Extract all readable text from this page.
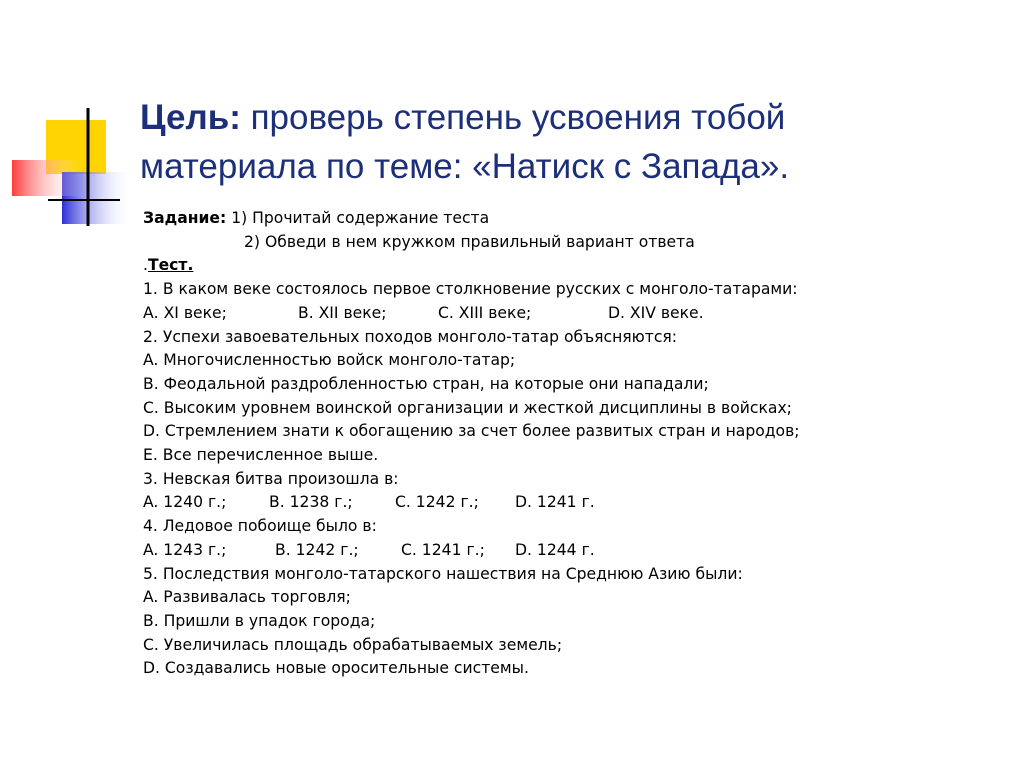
Цель: проверь степень усвоения тобой
материала по теме: «Натиск с Запада».
Задание: 1) Прочитай содержание теста
2) Обведи в нем кружком правильный вариант ответа
.Тест.
1. В каком веке состоялось первое столкновение русских с монголо-татарами:
А. XI веке;	B. XII веке;	C. XIII веке;	D. XIV веке.
2. Успехи завоевательных походов монголо-татар объясняются:
A. Многочисленностью войск монголо-татар;
B. Феодальной раздробленностью стран, на которые они нападали;
C. Высоким уровнем воинской организации и жесткой дисциплины в войсках;
D. Стремлением знати к обогащению за счет более развитых стран и народов;
E. Все перечисленное выше.
3. Невская битва произошла в:
A. 1240 г.;	B. 1238 г.;	C. 1242 г.; D. 1241 г.
4. Ледовое побоище было в:
A. 1243 г.;	B. 1242 г.;	C. 1241 г.; D. 1244 г.
5. Последствия монголо-татарского нашествия на Среднюю Азию были:
A. Развивалась торговля;
B. Пришли в упадок города;
C. Увеличилась площадь обрабатываемых земель;
D. Создавались новые оросительные системы.
